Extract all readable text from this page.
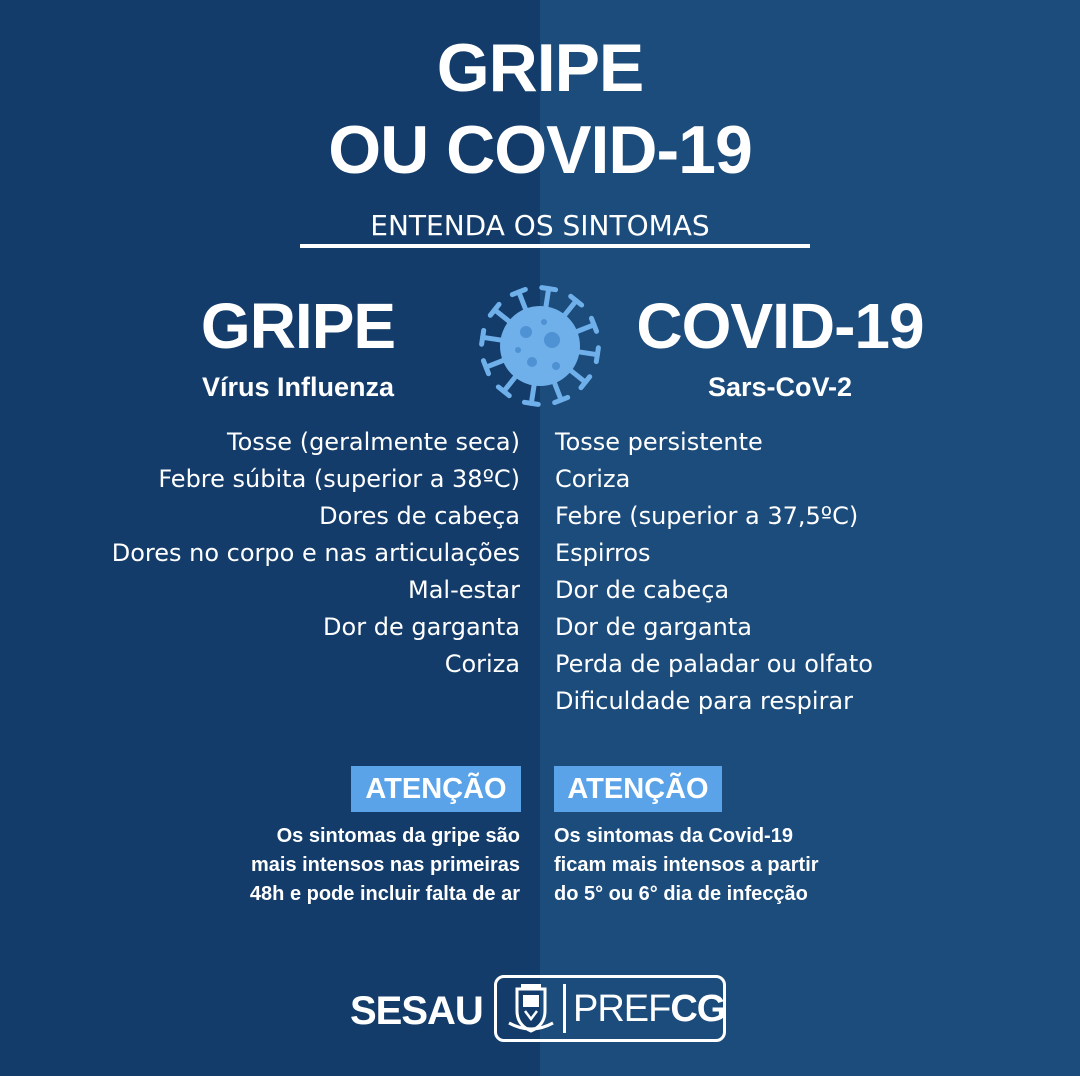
GRIPE
OU COVID-19
ENTENDA OS SINTOMAS
GRIPE
Vírus Influenza
COVID-19
Sars-CoV-2
Tosse (geralmente seca)
Febre súbita (superior a 38ºC)
Dores de cabeça
Dores no corpo e nas articulações
Mal-estar
Dor de garganta
Coriza
Tosse persistente
Coriza
Febre (superior a 37,5ºC)
Espirros
Dor de cabeça
Dor de garganta
Perda de paladar ou olfato
Dificuldade para respirar
ATENÇÃO	ATENÇÃO
Os sintomas da gripe são
mais intensos nas primeiras
48h e pode incluir falta de ar
Os sintomas da Covid-19
ficam mais intensos a partir
do 5° ou 6° dia de infecção
SESAU PREFCG
